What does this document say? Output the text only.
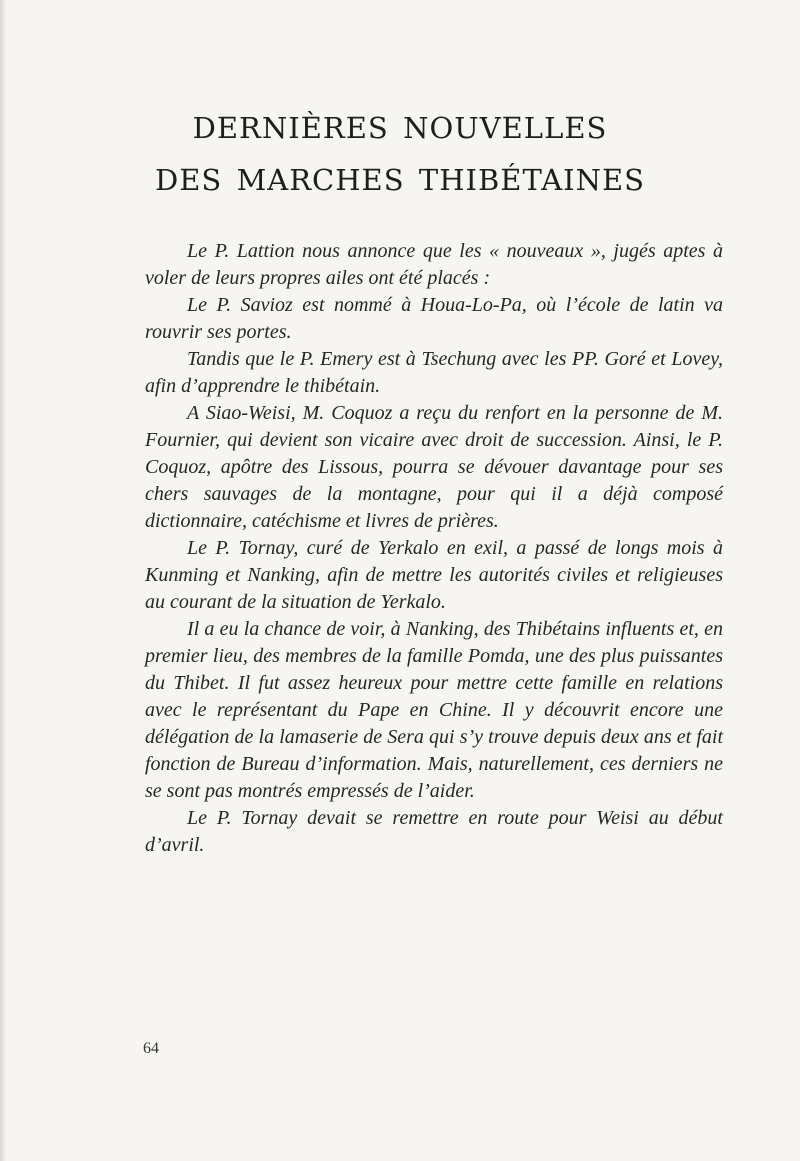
dernières nouvelles
des marches thibétaines

Le P. Lattion nous annonce que les « nouveaux », jugés aptes à voler de leurs propres ailes ont été placés :

Le P. Savioz est nommé à Houa-Lo-Pa, où l’école de latin va rouvrir ses portes.

Tandis que le P. Emery est à Tsechung avec les PP. Goré et Lovey, afin d’apprendre le thibétain.

A Siao-Weisi, M. Coquoz a reçu du renfort en la personne de M. Fournier, qui devient son vicaire avec droit de succession. Ainsi, le P. Coquoz, apôtre des Lissous, pourra se dévouer davantage pour ses chers sauvages de la montagne, pour qui il a déjà composé dictionnaire, catéchisme et livres de prières.

Le P. Tornay, curé de Yerkalo en exil, a passé de longs mois à Kunming et Nanking, afin de mettre les autorités civiles et religieuses au courant de la situation de Yerkalo.

Il a eu la chance de voir, à Nanking, des Thibétains influents et, en premier lieu, des membres de la famille Pomda, une des plus puissantes du Thibet. Il fut assez heureux pour mettre cette famille en relations avec le représentant du Pape en Chine. Il y découvrit encore une délégation de la lamaserie de Sera qui s’y trouve depuis deux ans et fait fonction de Bureau d’information. Mais, naturellement, ces derniers ne se sont pas montrés empressés de l’aider.

Le P. Tornay devait se remettre en route pour Weisi au début d’avril.

64
